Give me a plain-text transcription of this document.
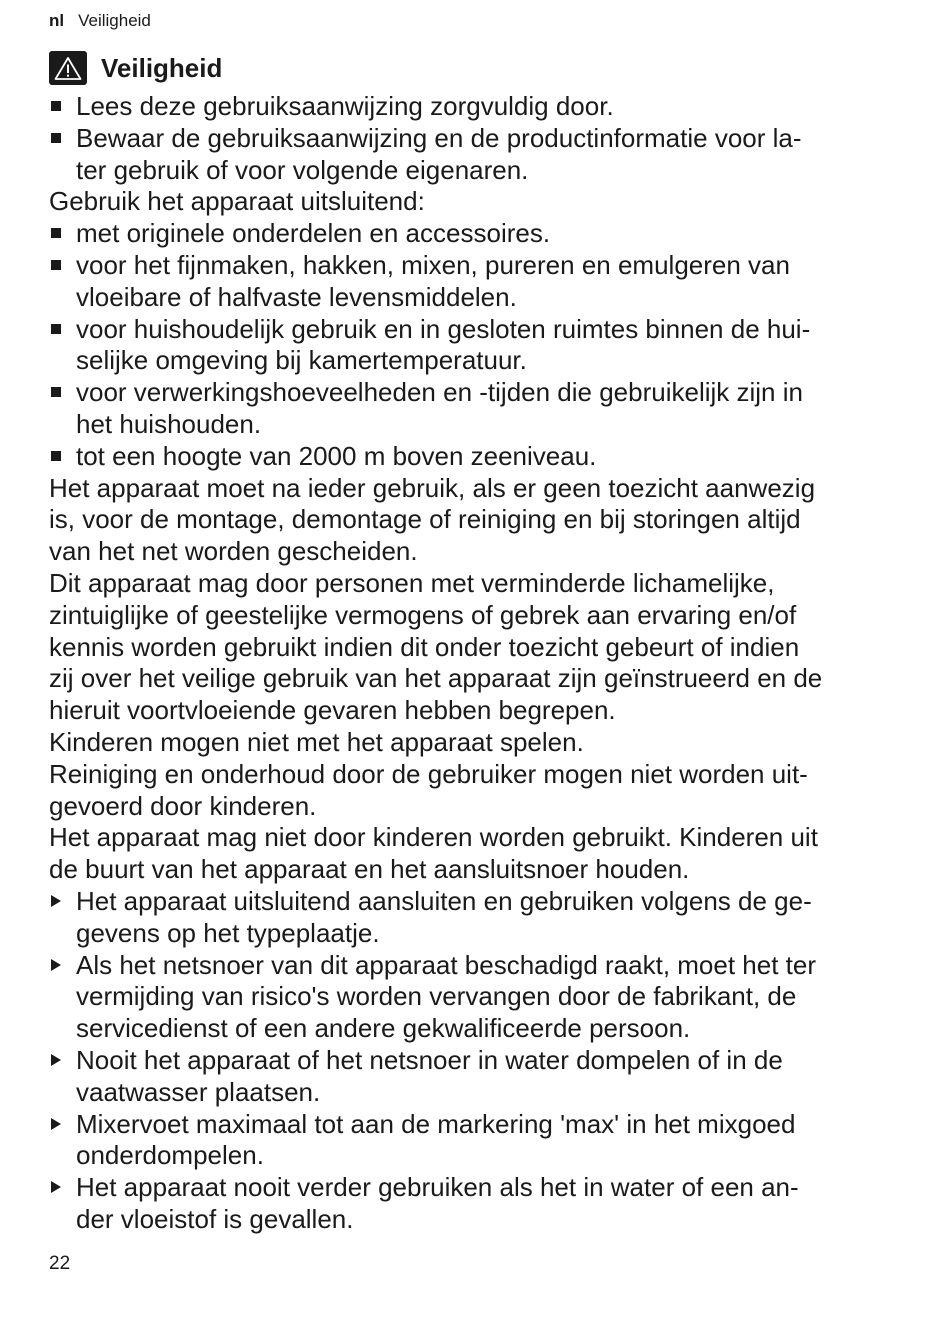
nl Veiligheid
Veiligheid
Lees deze gebruiksaanwijzing zorgvuldig door.
Bewaar de gebruiksaanwijzing en de productinformatie voor la-
ter gebruik of voor volgende eigenaren.
Gebruik het apparaat uitsluitend:
met originele onderdelen en accessoires.
voor het fijnmaken, hakken, mixen, pureren en emulgeren van
vloeibare of halfvaste levensmiddelen.
voor huishoudelijk gebruik en in gesloten ruimtes binnen de hui-
selijke omgeving bij kamertemperatuur.
voor verwerkingshoeveelheden en -tijden die gebruikelijk zijn in
het huishouden.
tot een hoogte van 2000 m boven zeeniveau.
Het apparaat moet na ieder gebruik, als er geen toezicht aanwezig
is, voor de montage, demontage of reiniging en bij storingen altijd
van het net worden gescheiden.
Dit apparaat mag door personen met verminderde lichamelijke,
zintuiglijke of geestelijke vermogens of gebrek aan ervaring en/of
kennis worden gebruikt indien dit onder toezicht gebeurt of indien
zij over het veilige gebruik van het apparaat zijn geïnstrueerd en de
hieruit voortvloeiende gevaren hebben begrepen.
Kinderen mogen niet met het apparaat spelen.
Reiniging en onderhoud door de gebruiker mogen niet worden uit-
gevoerd door kinderen.
Het apparaat mag niet door kinderen worden gebruikt. Kinderen uit
de buurt van het apparaat en het aansluitsnoer houden.
Het apparaat uitsluitend aansluiten en gebruiken volgens de ge-
gevens op het typeplaatje.
Als het netsnoer van dit apparaat beschadigd raakt, moet het ter
vermijding van risico's worden vervangen door de fabrikant, de
servicedienst of een andere gekwalificeerde persoon.
Nooit het apparaat of het netsnoer in water dompelen of in de
vaatwasser plaatsen.
Mixervoet maximaal tot aan de markering 'max' in het mixgoed
onderdompelen.
Het apparaat nooit verder gebruiken als het in water of een an-
der vloeistof is gevallen.
22
